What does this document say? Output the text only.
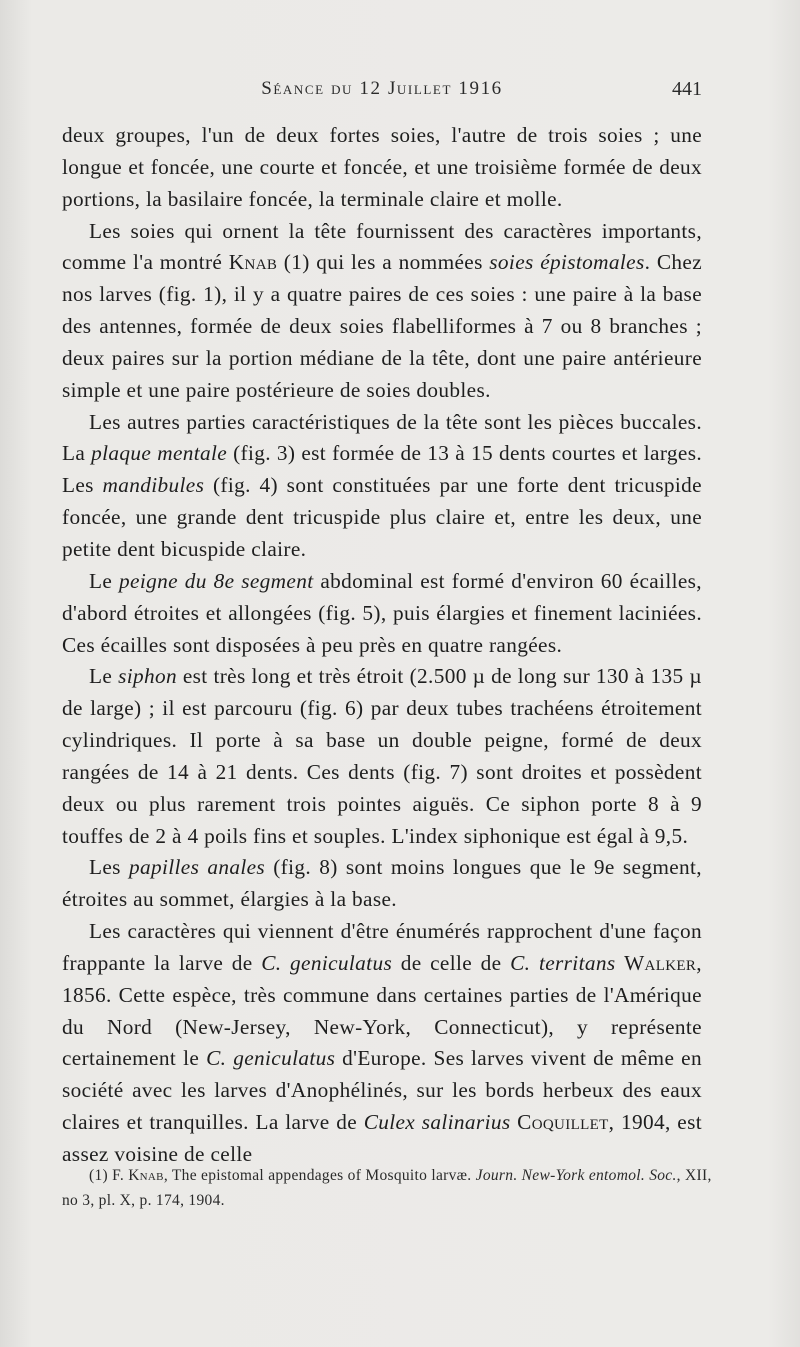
Séance du 12 Juillet 1916	441

deux groupes, l'un de deux fortes soies, l'autre de trois soies ; une longue et foncée, une courte et foncée, et une troisième formée de deux portions, la basilaire foncée, la terminale claire et molle.

Les soies qui ornent la tête fournissent des caractères importants, comme l'a montré Knab (1) qui les a nommées soies épistomales. Chez nos larves (fig. 1), il y a quatre paires de ces soies : une paire à la base des antennes, formée de deux soies flabelliformes à 7 ou 8 branches ; deux paires sur la portion médiane de la tête, dont une paire antérieure simple et une paire postérieure de soies doubles.

Les autres parties caractéristiques de la tête sont les pièces buccales. La plaque mentale (fig. 3) est formée de 13 à 15 dents courtes et larges. Les mandibules (fig. 4) sont constituées par une forte dent tricuspide foncée, une grande dent tricuspide plus claire et, entre les deux, une petite dent bicuspide claire.

Le peigne du 8e segment abdominal est formé d'environ 60 écailles, d'abord étroites et allongées (fig. 5), puis élargies et finement laciniées. Ces écailles sont disposées à peu près en quatre rangées.

Le siphon est très long et très étroit (2.500 µ de long sur 130 à 135 µ de large) ; il est parcouru (fig. 6) par deux tubes trachéens étroitement cylindriques. Il porte à sa base un double peigne, formé de deux rangées de 14 à 21 dents. Ces dents (fig. 7) sont droites et possèdent deux ou plus rarement trois pointes aiguës. Ce siphon porte 8 à 9 touffes de 2 à 4 poils fins et souples. L'index siphonique est égal à 9,5.

Les papilles anales (fig. 8) sont moins longues que le 9e segment, étroites au sommet, élargies à la base.

Les caractères qui viennent d'être énumérés rapprochent d'une façon frappante la larve de C. geniculatus de celle de C. territans Walker, 1856. Cette espèce, très commune dans certaines parties de l'Amérique du Nord (New-Jersey, New-York, Connecticut), y représente certainement le C. geniculatus d'Europe. Ses larves vivent de même en société avec les larves d'Anophélinés, sur les bords herbeux des eaux claires et tranquilles. La larve de Culex salinarius Coquillet, 1904, est assez voisine de celle

(1) F. Knab, The epistomal appendages of Mosquito larvæ. Journ. New-York entomol. Soc., XII, no 3, pl. X, p. 174, 1904.
